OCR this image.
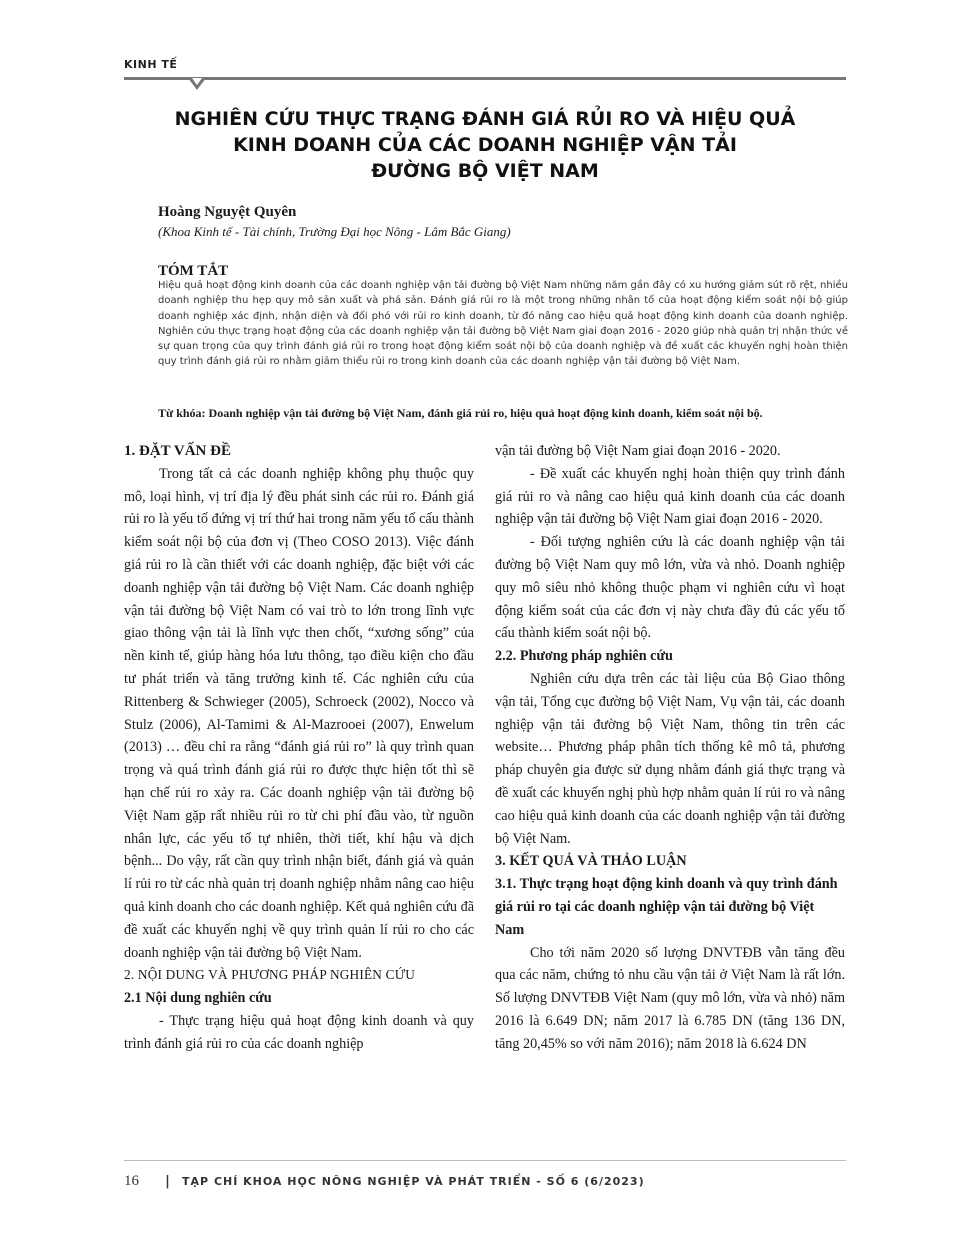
KINH TẾ
NGHIÊN CỨU THỰC TRẠNG ĐÁNH GIÁ RỦI RO VÀ HIỆU QUẢ
KINH DOANH CỦA CÁC DOANH NGHIỆP VẬN TẢI
ĐƯỜNG BỘ VIỆT NAM
Hoàng Nguyệt Quyên
(Khoa Kinh tế - Tài chính, Trường Đại học Nông - Lâm Bắc Giang)
TÓM TẮT
Hiệu quả hoạt động kinh doanh của các doanh nghiệp vận tải đường bộ Việt Nam những năm gần đây có xu hướng giảm sút rõ rệt, nhiều doanh nghiệp thu hẹp quy mô sản xuất và phá sản. Đánh giá rủi ro là một trong những nhân tố của hoạt động kiểm soát nội bộ giúp doanh nghiệp xác định, nhận diện và đối phó với rủi ro kinh doanh, từ đó nâng cao hiệu quả hoạt động kinh doanh của doanh nghiệp. Nghiên cứu thực trạng hoạt động của các doanh nghiệp vận tải đường bộ Việt Nam giai đoạn 2016 - 2020 giúp nhà quản trị nhận thức về sự quan trọng của quy trình đánh giá rủi ro trong hoạt động kiểm soát nội bộ của doanh nghiệp và đề xuất các khuyến nghị hoàn thiện quy trình đánh giá rủi ro nhằm giảm thiểu rủi ro trong kinh doanh của các doanh nghiệp vận tải đường bộ Việt Nam.
Từ khóa: Doanh nghiệp vận tải đường bộ Việt Nam, đánh giá rủi ro, hiệu quả hoạt động kinh doanh, kiểm soát nội bộ.
1. ĐẶT VẤN ĐỀ

Trong tất cả các doanh nghiệp không phụ thuộc quy mô, loại hình, vị trí địa lý đều phát sinh các rủi ro. Đánh giá rủi ro là yếu tố đứng vị trí thứ hai trong năm yếu tố cấu thành kiểm soát nội bộ của đơn vị (Theo COSO 2013). Việc đánh giá rủi ro là cần thiết với các doanh nghiệp, đặc biệt với các doanh nghiệp vận tải đường bộ Việt Nam. Các doanh nghiệp vận tải đường bộ Việt Nam có vai trò to lớn trong lĩnh vực giao thông vận tải là lĩnh vực then chốt, “xương sống” của nền kinh tế, giúp hàng hóa lưu thông, tạo điều kiện cho đầu tư phát triển và tăng trưởng kinh tế. Các nghiên cứu của Rittenberg & Schwieger (2005), Schroeck (2002), Nocco và Stulz (2006), Al-Tamimi & Al-Mazrooei (2007), Enwelum (2013) … đều chỉ ra rằng “đánh giá rủi ro” là quy trình quan trọng và quá trình đánh giá rủi ro được thực hiện tốt thì sẽ hạn chế rủi ro xảy ra. Các doanh nghiệp vận tải đường bộ Việt Nam gặp rất nhiều rủi ro từ chi phí đầu vào, từ nguồn nhân lực, các yếu tố tự nhiên, thời tiết, khí hậu và dịch bệnh... Do vậy, rất cần quy trình nhận biết, đánh giá và quản lí rủi ro từ các nhà quản trị doanh nghiệp nhằm nâng cao hiệu quả kinh doanh cho các doanh nghiệp. Kết quả nghiên cứu đã đề xuất các khuyến nghị về quy trình quản lí rủi ro cho các doanh nghiệp vận tải đường bộ Việt Nam.

2. NỘI DUNG VÀ PHƯƠNG PHÁP NGHIÊN CỨU

2.1 Nội dung nghiên cứu

- Thực trạng hiệu quả hoạt động kinh doanh và quy trình đánh giá rủi ro của các doanh nghiệp

vận tải đường bộ Việt Nam giai đoạn 2016 - 2020.

- Đề xuất các khuyến nghị hoàn thiện quy trình đánh giá rủi ro và nâng cao hiệu quả kinh doanh của các doanh nghiệp vận tải đường bộ Việt Nam giai đoạn 2016 - 2020.

- Đối tượng nghiên cứu là các doanh nghiệp vận tải đường bộ Việt Nam quy mô lớn, vừa và nhỏ. Doanh nghiệp quy mô siêu nhỏ không thuộc phạm vi nghiên cứu vì hoạt động kiểm soát của các đơn vị này chưa đầy đủ các yếu tố cấu thành kiểm soát nội bộ.

2.2. Phương pháp nghiên cứu

Nghiên cứu dựa trên các tài liệu của Bộ Giao thông vận tải, Tổng cục đường bộ Việt Nam, Vụ vận tải, các doanh nghiệp vận tải đường bộ Việt Nam, thông tin trên các website… Phương pháp phân tích thống kê mô tả, phương pháp chuyên gia được sử dụng nhằm đánh giá thực trạng và đề xuất các khuyến nghị phù hợp nhằm quản lí rủi ro và nâng cao hiệu quả kinh doanh của các doanh nghiệp vận tải đường bộ Việt Nam.

3. KẾT QUẢ VÀ THẢO LUẬN
3.1. Thực trạng hoạt động kinh doanh và quy trình đánh giá rủi ro tại các doanh nghiệp vận tải đường bộ Việt Nam

Cho tới năm 2020 số lượng DNVTĐB vẫn tăng đều qua các năm, chứng tỏ nhu cầu vận tải ở Việt Nam là rất lớn. Số lượng DNVTĐB Việt Nam (quy mô lớn, vừa và nhỏ) năm 2016 là 6.649 DN; năm 2017 là 6.785 DN (tăng 136 DN, tăng 20,45% so với năm 2016); năm 2018 là 6.624 DN

16 | TẠP CHÍ KHOA HỌC NÔNG NGHIỆP VÀ PHÁT TRIỂN - SỐ 6 (6/2023)
